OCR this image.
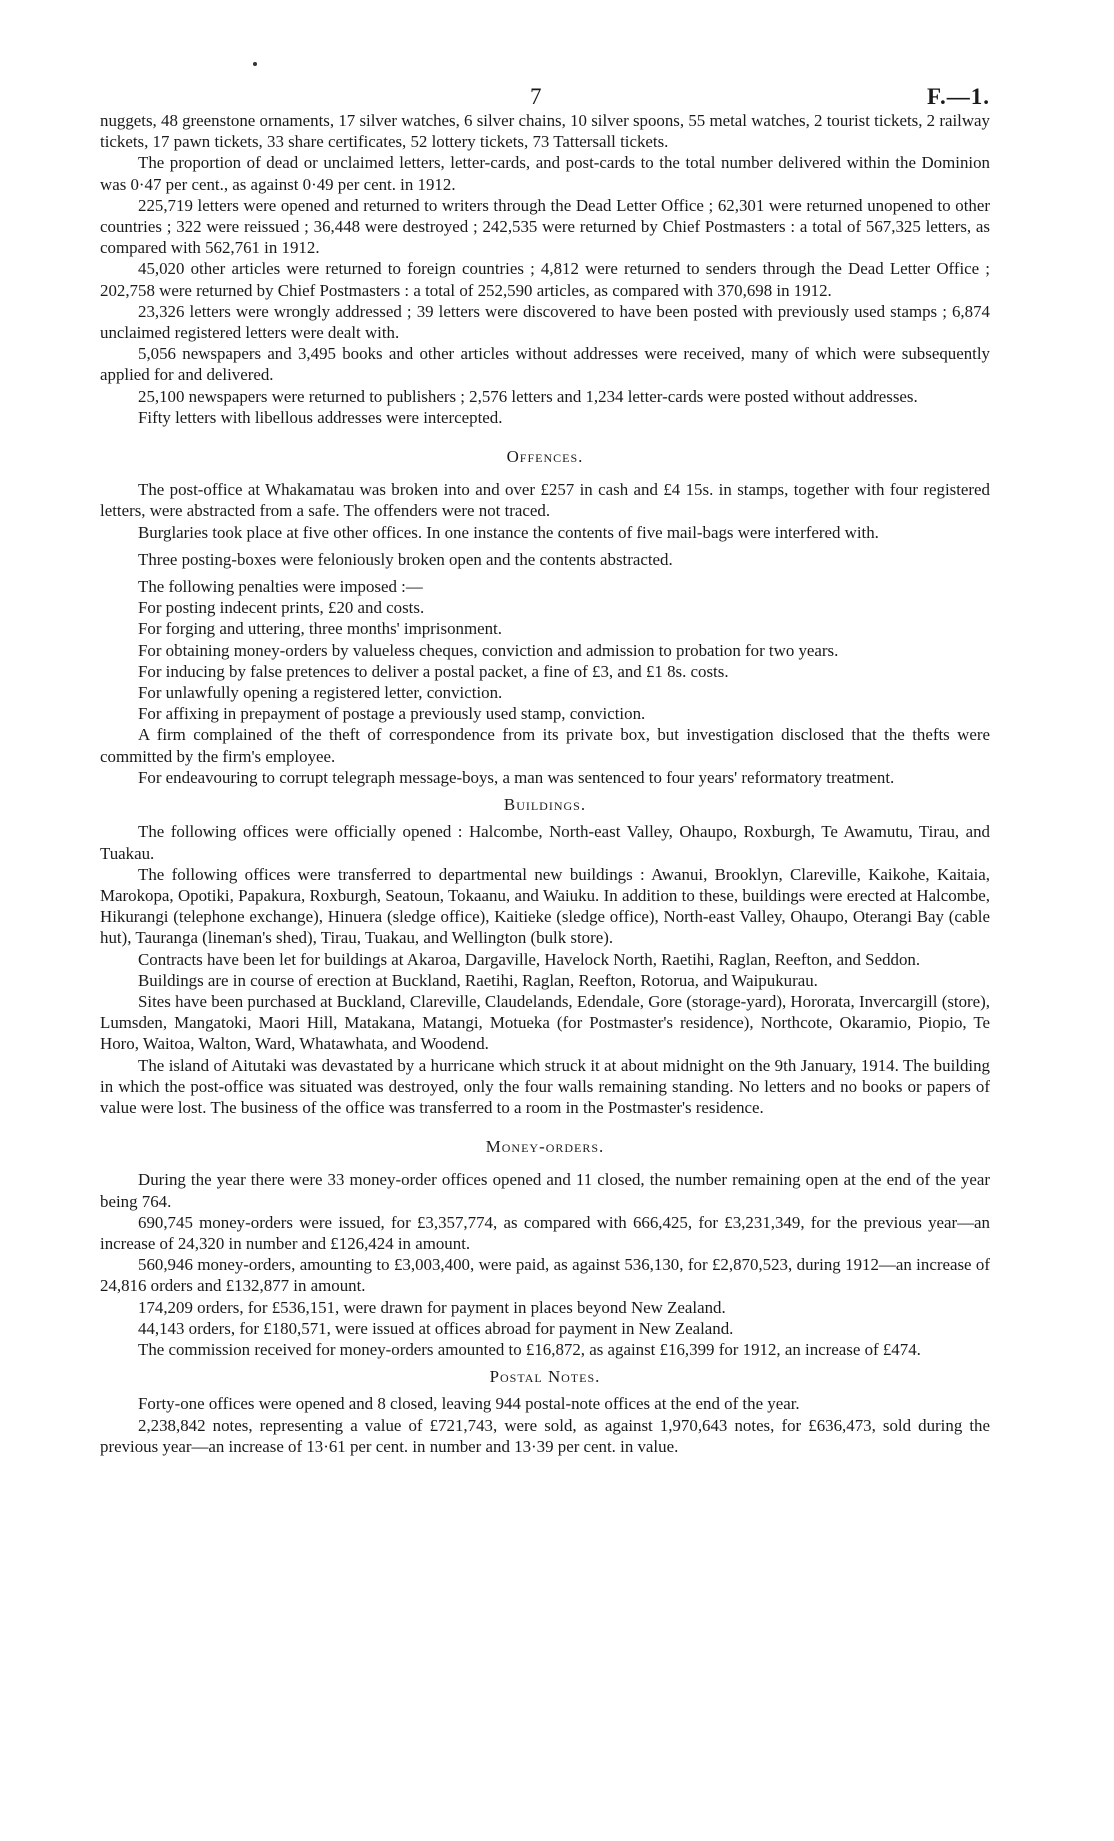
7	F.—1.

nuggets, 48 greenstone ornaments, 17 silver watches, 6 silver chains, 10 silver spoons, 55 metal watches, 2 tourist tickets, 2 railway tickets, 17 pawn tickets, 33 share certificates, 52 lottery tickets, 73 Tattersall tickets.

The proportion of dead or unclaimed letters, letter-cards, and post-cards to the total number delivered within the Dominion was 0·47 per cent., as against 0·49 per cent. in 1912.

225,719 letters were opened and returned to writers through the Dead Letter Office ; 62,301 were returned unopened to other countries ; 322 were reissued ; 36,448 were destroyed ; 242,535 were returned by Chief Postmasters : a total of 567,325 letters, as compared with 562,761 in 1912.

45,020 other articles were returned to foreign countries ; 4,812 were returned to senders through the Dead Letter Office ; 202,758 were returned by Chief Postmasters : a total of 252,590 articles, as compared with 370,698 in 1912.

23,326 letters were wrongly addressed ; 39 letters were discovered to have been posted with previously used stamps ; 6,874 unclaimed registered letters were dealt with.

5,056 newspapers and 3,495 books and other articles without addresses were received, many of which were subsequently applied for and delivered.

25,100 newspapers were returned to publishers ; 2,576 letters and 1,234 letter-cards were posted without addresses.

Fifty letters with libellous addresses were intercepted.

Offences.

The post-office at Whakamatau was broken into and over £257 in cash and £4 15s. in stamps, together with four registered letters, were abstracted from a safe. The offenders were not traced.

Burglaries took place at five other offices. In one instance the contents of five mail-bags were interfered with.

Three posting-boxes were feloniously broken open and the contents abstracted.

The following penalties were imposed :—

For posting indecent prints, £20 and costs.

For forging and uttering, three months' imprisonment.

For obtaining money-orders by valueless cheques, conviction and admission to probation for two years.

For inducing by false pretences to deliver a postal packet, a fine of £3, and £1 8s. costs.

For unlawfully opening a registered letter, conviction.

For affixing in prepayment of postage a previously used stamp, conviction.

A firm complained of the theft of correspondence from its private box, but investigation disclosed that the thefts were committed by the firm's employee.

For endeavouring to corrupt telegraph message-boys, a man was sentenced to four years' reformatory treatment.

Buildings.

The following offices were officially opened : Halcombe, North-east Valley, Ohaupo, Roxburgh, Te Awamutu, Tirau, and Tuakau.

The following offices were transferred to departmental new buildings : Awanui, Brooklyn, Clareville, Kaikohe, Kaitaia, Marokopa, Opotiki, Papakura, Roxburgh, Seatoun, Tokaanu, and Waiuku. In addition to these, buildings were erected at Halcombe, Hikurangi (telephone exchange), Hinuera (sledge office), Kaitieke (sledge office), North-east Valley, Ohaupo, Oterangi Bay (cable hut), Tauranga (lineman's shed), Tirau, Tuakau, and Wellington (bulk store).

Contracts have been let for buildings at Akaroa, Dargaville, Havelock North, Raetihi, Raglan, Reefton, and Seddon.

Buildings are in course of erection at Buckland, Raetihi, Raglan, Reefton, Rotorua, and Waipukurau.

Sites have been purchased at Buckland, Clareville, Claudelands, Edendale, Gore (storage-yard), Hororata, Invercargill (store), Lumsden, Mangatoki, Maori Hill, Matakana, Matangi, Motueka (for Postmaster's residence), Northcote, Okaramio, Piopio, Te Horo, Waitoa, Walton, Ward, Whatawhata, and Woodend.

The island of Aitutaki was devastated by a hurricane which struck it at about midnight on the 9th January, 1914. The building in which the post-office was situated was destroyed, only the four walls remaining standing. No letters and no books or papers of value were lost. The business of the office was transferred to a room in the Postmaster's residence.

Money-orders.

During the year there were 33 money-order offices opened and 11 closed, the number remaining open at the end of the year being 764.

690,745 money-orders were issued, for £3,357,774, as compared with 666,425, for £3,231,349, for the previous year—an increase of 24,320 in number and £126,424 in amount.

560,946 money-orders, amounting to £3,003,400, were paid, as against 536,130, for £2,870,523, during 1912—an increase of 24,816 orders and £132,877 in amount.

174,209 orders, for £536,151, were drawn for payment in places beyond New Zealand.

44,143 orders, for £180,571, were issued at offices abroad for payment in New Zealand.

The commission received for money-orders amounted to £16,872, as against £16,399 for 1912, an increase of £474.

Postal Notes.

Forty-one offices were opened and 8 closed, leaving 944 postal-note offices at the end of the year.

2,238,842 notes, representing a value of £721,743, were sold, as against 1,970,643 notes, for £636,473, sold during the previous year—an increase of 13·61 per cent. in number and 13·39 per cent. in value.
